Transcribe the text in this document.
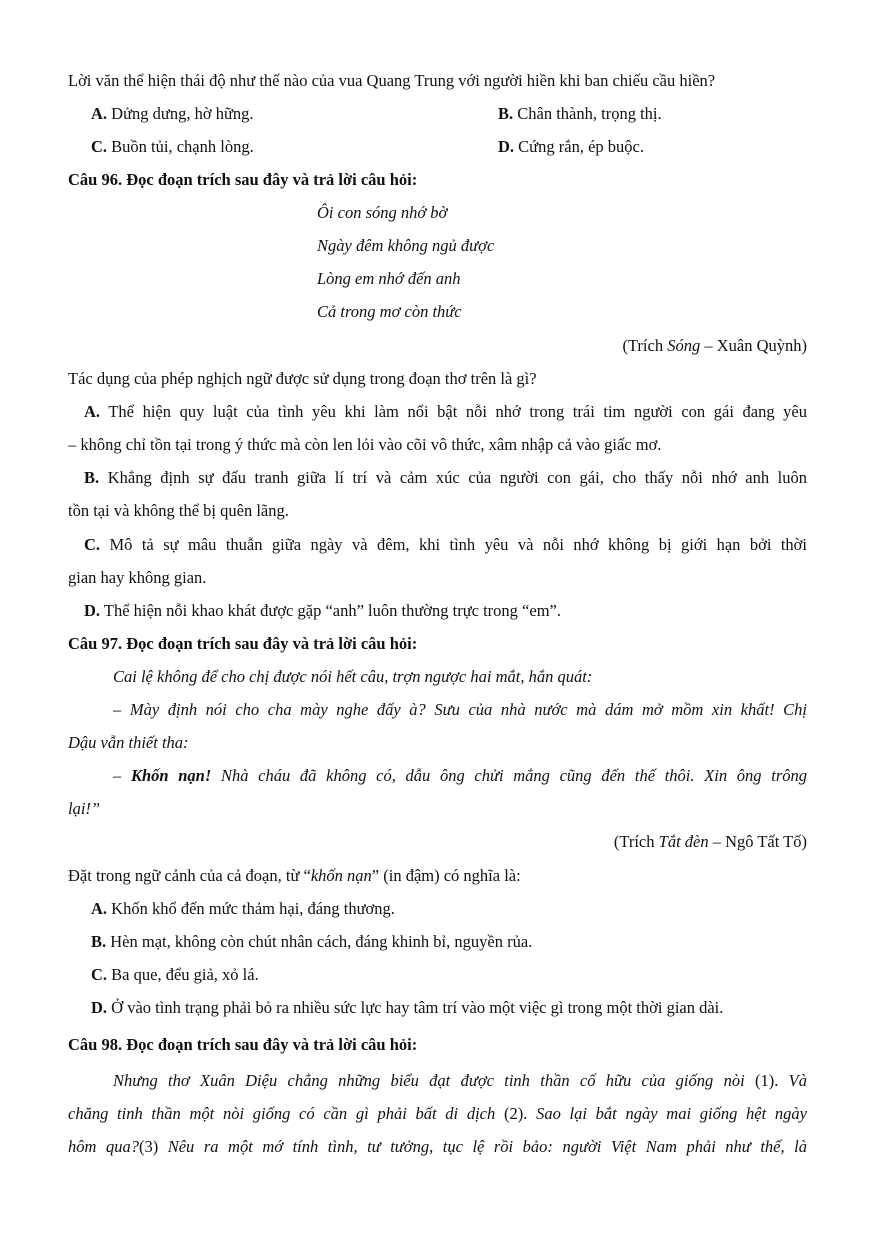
Lời văn thể hiện thái độ như thế nào của vua Quang Trung với người hiền khi ban chiếu cầu hiền?
A. Dửng dưng, hờ hững.	B. Chân thành, trọng thị.
C. Buồn tủi, chạnh lòng.	D. Cứng rắn, ép buộc.
Câu 96. Đọc đoạn trích sau đây và trả lời câu hỏi:
Ôi con sóng nhớ bờ
Ngày đêm không ngủ được
Lòng em nhớ đến anh
Cả trong mơ còn thức
(Trích Sóng – Xuân Quỳnh)
Tác dụng của phép nghịch ngữ được sử dụng trong đoạn thơ trên là gì?
A. Thể hiện quy luật của tình yêu khi làm nổi bật nỗi nhớ trong trái tim người con gái đang yêu
– không chỉ tồn tại trong ý thức mà còn len lỏi vào cõi vô thức, xâm nhập cả vào giấc mơ.
B. Khẳng định sự đấu tranh giữa lí trí và cảm xúc của người con gái, cho thấy nỗi nhớ anh luôn
tồn tại và không thể bị quên lãng.
C. Mô tả sự mâu thuẫn giữa ngày và đêm, khi tình yêu và nỗi nhớ không bị giới hạn bởi thời
gian hay không gian.
D. Thể hiện nỗi khao khát được gặp “anh” luôn thường trực trong “em”.
Câu 97. Đọc đoạn trích sau đây và trả lời câu hỏi:
Cai lệ không để cho chị được nói hết câu, trợn ngược hai mắt, hắn quát:
– Mày định nói cho cha mày nghe đấy à? Sưu của nhà nước mà dám mở mồm xin khất! Chị
Dậu vẫn thiết tha:
– Khốn nạn! Nhà cháu đã không có, dẫu ông chửi mắng cũng đến thế thôi. Xin ông trông
lại!”
(Trích Tắt đèn – Ngô Tất Tố)
Đặt trong ngữ cảnh của cả đoạn, từ “khốn nạn” (in đậm) có nghĩa là:
A. Khốn khổ đến mức thảm hại, đáng thương.
B. Hèn mạt, không còn chút nhân cách, đáng khinh bỉ, nguyền rủa.
C. Ba que, đểu giả, xỏ lá.
D. Ở vào tình trạng phải bỏ ra nhiều sức lực hay tâm trí vào một việc gì trong một thời gian dài.
Câu 98. Đọc đoạn trích sau đây và trả lời câu hỏi:
Nhưng thơ Xuân Diệu chẳng những biểu đạt được tinh thần cố hữu của giống nòi (1). Và
chăng tinh thần một nòi giống có cần gì phải bất di dịch (2). Sao lại bắt ngày mai giống hệt ngày
hôm qua?(3) Nêu ra một mớ tính tình, tư tưởng, tục lệ rồi bảo: người Việt Nam phải như thế, là
